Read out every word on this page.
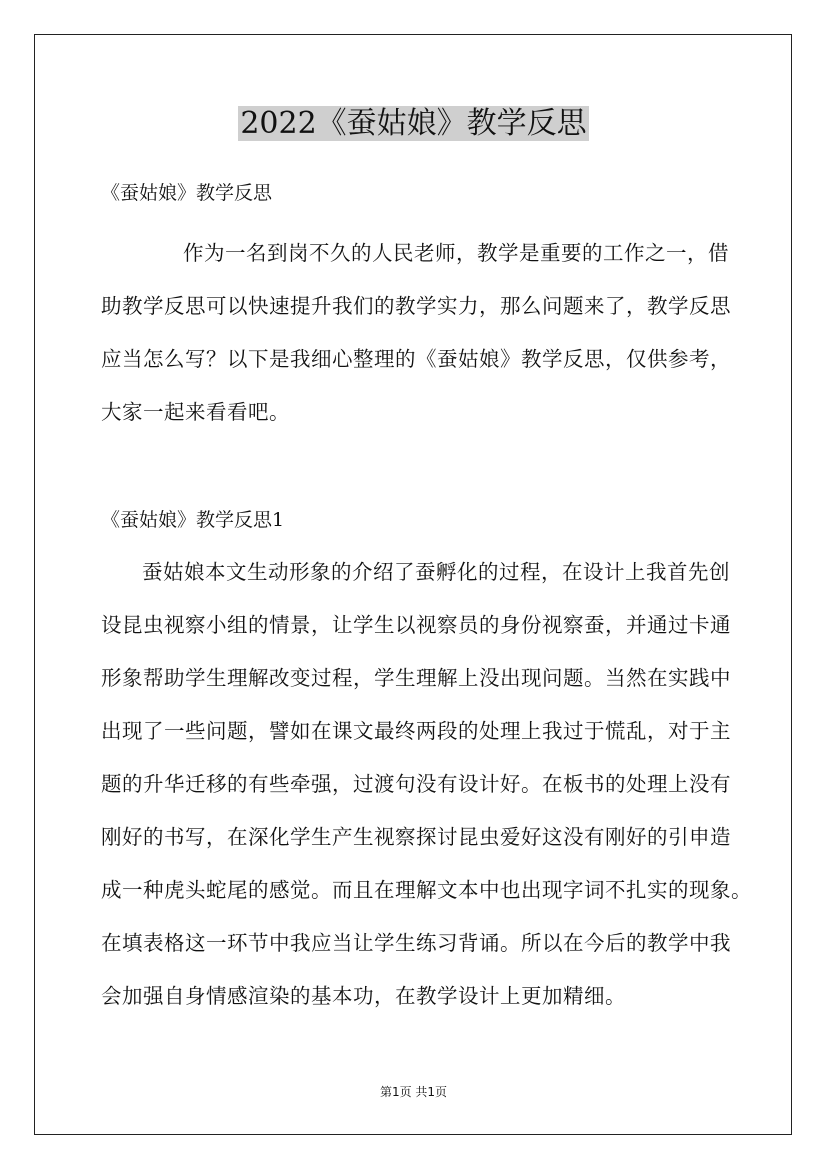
2022《蚕姑娘》教学反思

《蚕姑娘》教学反思

作为一名到岗不久的人民老师，教学是重要的工作之一，借
助教学反思可以快速提升我们的教学实力，那么问题来了，教学反思
应当怎么写？以下是我细心整理的《蚕姑娘》教学反思，仅供参考，
大家一起来看看吧。

《蚕姑娘》教学反思1

蚕姑娘本文生动形象的介绍了蚕孵化的过程，在设计上我首先创
设昆虫视察小组的情景，让学生以视察员的身份视察蚕，并通过卡通
形象帮助学生理解改变过程，学生理解上没出现问题。当然在实践中
出现了一些问题，譬如在课文最终两段的处理上我过于慌乱，对于主
题的升华迁移的有些牵强，过渡句没有设计好。在板书的处理上没有
刚好的书写，在深化学生产生视察探讨昆虫爱好这没有刚好的引申造
成一种虎头蛇尾的感觉。而且在理解文本中也出现字词不扎实的现象。
在填表格这一环节中我应当让学生练习背诵。所以在今后的教学中我
会加强自身情感渲染的基本功，在教学设计上更加精细。

第1页 共1页
